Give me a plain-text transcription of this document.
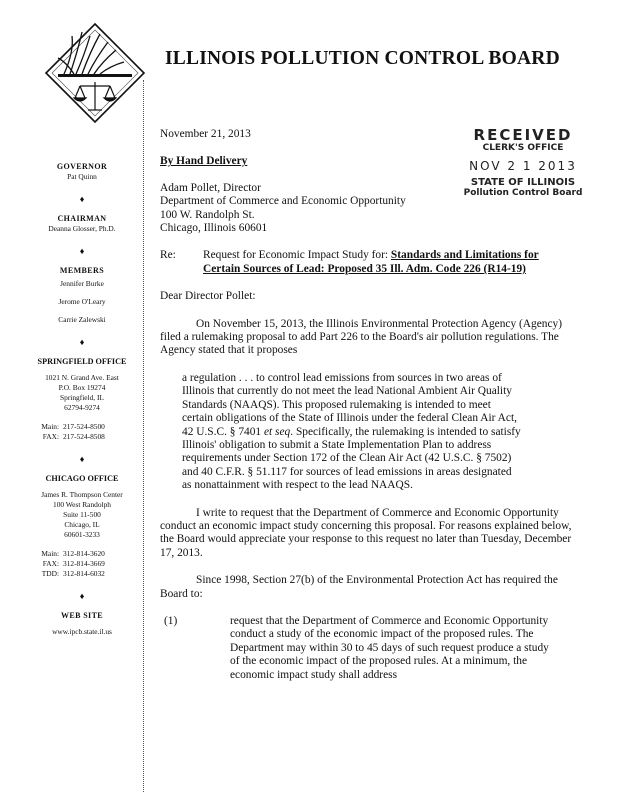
ILLINOIS POLLUTION CONTROL BOARD
GOVERNOR
Pat Quinn
♦
CHAIRMAN
Deanna Glosser, Ph.D.
♦
MEMBERS
Jennifer Burke
Jerome O'Leary
Carrie Zalewski
♦
SPRINGFIELD OFFICE
1021 N. Grand Ave. East
P.O. Box 19274
Springfield, IL
62794-9274
Main: 217-524-8500
FAX: 217-524-8508
♦
CHICAGO OFFICE
James R. Thompson Center
100 West Randolph
Suite 11-500
Chicago, IL
60601-3233
Main: 312-814-3620
FAX: 312-814-3669
TDD: 312-814-6032
♦
WEB SITE
www.ipcb.state.il.us
RECEIVED
CLERK'S OFFICE
NOV 2 1 2013
STATE OF ILLINOIS
Pollution Control Board

November 21, 2013

By Hand Delivery

Adam Pollet, Director

Department of Commerce and Economic Opportunity

100 W. Randolph St.

Chicago, Illinois 60601

Re:	Request for Economic Impact Study for: Standards and Limitations for Certain Sources of Lead: Proposed 35 Ill. Adm. Code 226 (R14-19)

Dear Director Pollet:

On November 15, 2013, the Illinois Environmental Protection Agency (Agency) filed a rulemaking proposal to add Part 226 to the Board's air pollution regulations. The Agency stated that it proposes

a regulation . . . to control lead emissions from sources in two areas of Illinois that currently do not meet the lead National Ambient Air Quality Standards (NAAQS). This proposed rulemaking is intended to meet certain obligations of the State of Illinois under the federal Clean Air Act, 42 U.S.C. § 7401 et seq. Specifically, the rulemaking is intended to satisfy Illinois' obligation to submit a State Implementation Plan to address requirements under Section 172 of the Clean Air Act (42 U.S.C. § 7502) and 40 C.F.R. § 51.117 for sources of lead emissions in areas designated as nonattainment with respect to the lead NAAQS.

I write to request that the Department of Commerce and Economic Opportunity conduct an economic impact study concerning this proposal. For reasons explained below, the Board would appreciate your response to this request no later than Tuesday, December 17, 2013.

Since 1998, Section 27(b) of the Environmental Protection Act has required the Board to:

(1)	request that the Department of Commerce and Economic Opportunity conduct a study of the economic impact of the proposed rules. The Department may within 30 to 45 days of such request produce a study of the economic impact of the proposed rules. At a minimum, the economic impact study shall address
